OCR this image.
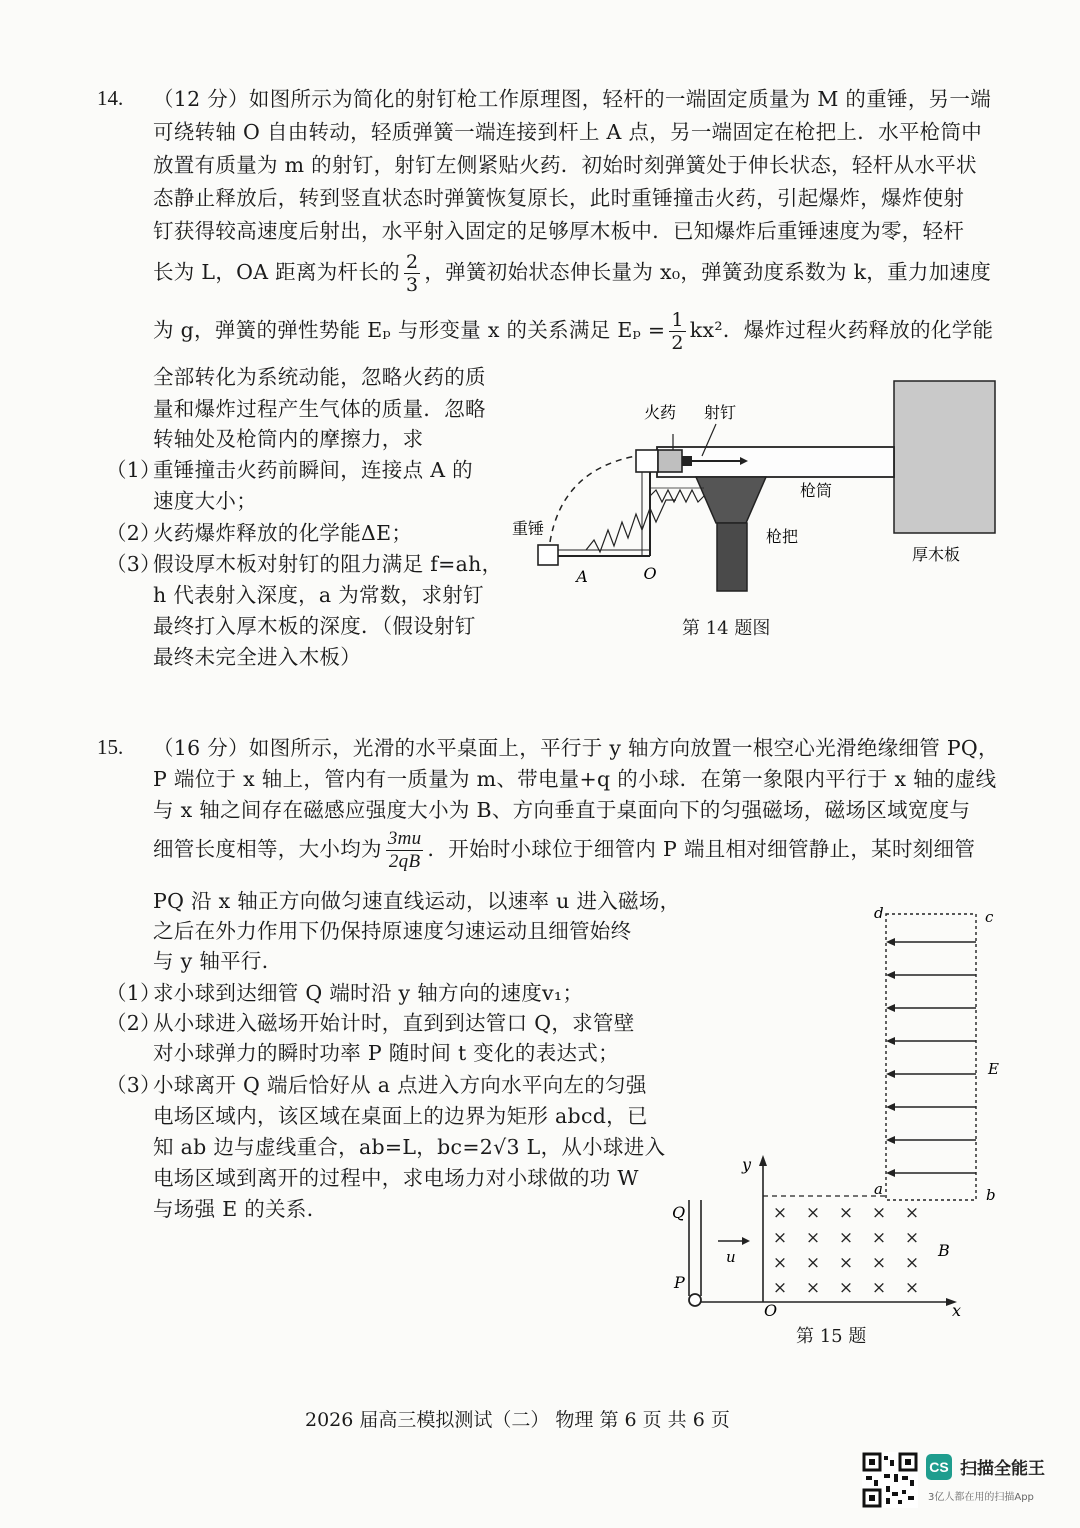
14. （12 分）如图所示为简化的射钉枪工作原理图，轻杆的一端固定质量为 M 的重锤，另一端
可绕转轴 O 自由转动，轻质弹簧一端连接到杆上 A 点，另一端固定在枪把上．水平枪筒中
放置有质量为 m 的射钉，射钉左侧紧贴火药．初始时刻弹簧处于伸长状态，轻杆从水平状
态静止释放后，转到竖直状态时弹簧恢复原长，此时重锤撞击火药，引起爆炸，爆炸使射
钉获得较高速度后射出，水平射入固定的足够厚木板中．已知爆炸后重锤速度为零，轻杆
长为 L，OA 距离为杆长的 $\frac{2}{3}$ ，弹簧初始状态伸长量为 x₀，弹簧劲度系数为 k，重力加速度
为 g，弹簧的弹性势能 Eₚ 与形变量 x 的关系满足 $E_p = \frac{1}{2} kx^2$．爆炸过程火药释放的化学能
全部转化为系统动能，忽略火药的质
量和爆炸过程产生气体的质量．忽略
转轴处及枪筒内的摩擦力，求
（1）
重锤撞击火药前瞬间，连接点 A 的
速度大小；
（2）
火药爆炸释放的化学能ΔE；
（3）
假设厚木板对射钉的阻力满足 f=ah，
h 代表射入深度，a 为常数，求射钉
最终打入厚木板的深度．（假设射钉
最终未完全进入木板）
火药 射钉
枪筒
枪把
重锤
A	O
厚木板
第 14 题图
15. （16 分）如图所示，光滑的水平桌面上，平行于 y 轴方向放置一根空心光滑绝缘细管 PQ，
P 端位于 x 轴上，管内有一质量为 m、带电量+q 的小球．在第一象限内平行于 x 轴的虚线
与 x 轴之间存在磁感应强度大小为 B、方向垂直于桌面向下的匀强磁场，磁场区域宽度与
细管长度相等，大小均为 $\frac{3mu}{2qB}$ ．开始时小球位于细管内 P 端且相对细管静止，某时刻细管
PQ 沿 x 轴正方向做匀速直线运动，以速率 u 进入磁场，
之后在外力作用下仍保持原速度匀速运动且细管始终
与 y 轴平行．
（1）
求小球到达细管 Q 端时沿 y 轴方向的速度v₁；
（2）
从小球进入磁场开始计时，直到到达管口 Q，求管壁
对小球弹力的瞬时功率 P 随时间 t 变化的表达式；
（3）
小球离开 Q 端后恰好从 a 点进入方向水平向左的匀强
电场区域内，该区域在桌面上的边界为矩形 abcd，已
知 ab 边与虚线重合，ab=L，bc=2√3 L，从小球进入
电场区域到离开的过程中，求电场力对小球做的功 W
与场强 E 的关系．	× × × × ×
× × × × ×
× × × × ×
× × × × ×
d	c
E
a	b
y
x
O
Q
P
u	B
第 15 题
2026 届高三模拟测试（二） 物理 第 6 页 共 6 页
CS 扫描全能王
3亿人都在用的扫描App
